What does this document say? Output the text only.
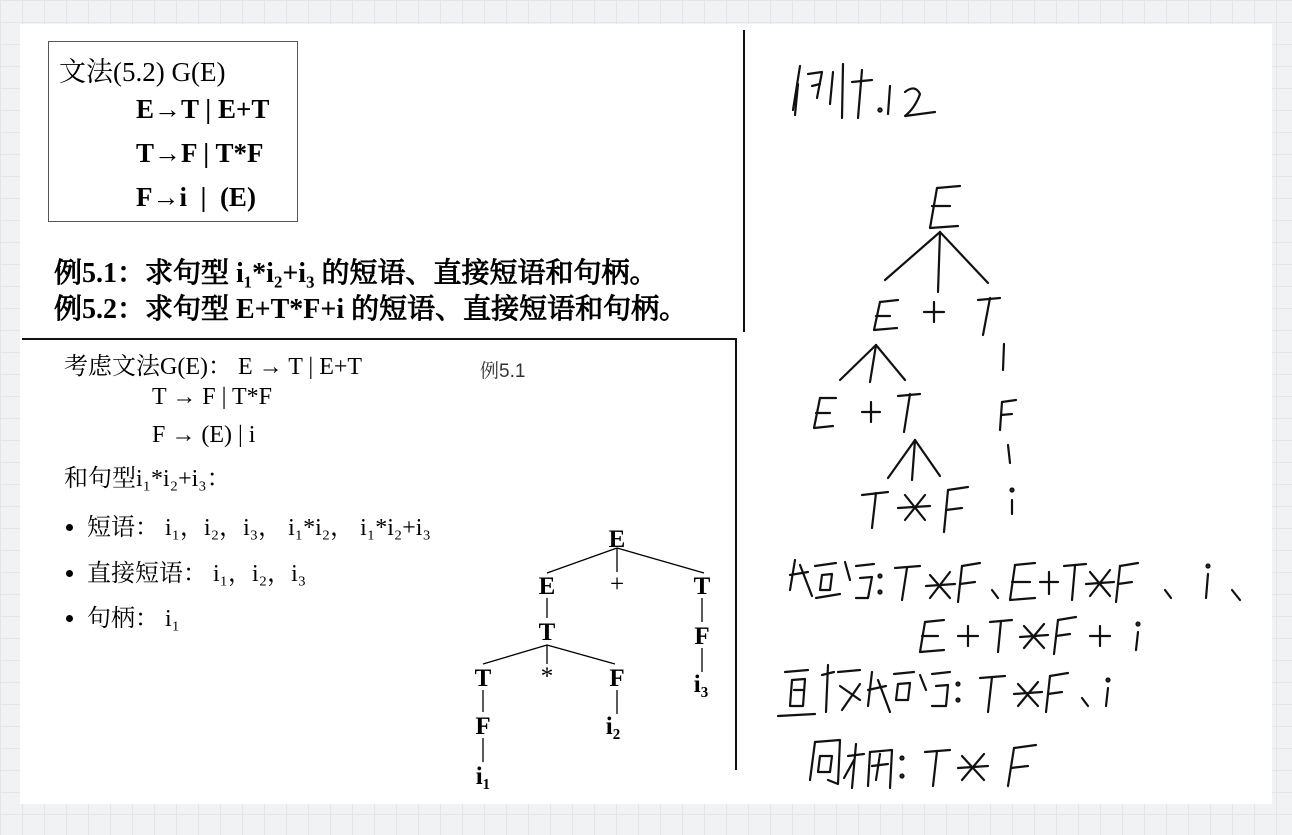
文法(5.2) G(E)
E→T | E+T
T→F | T*F
F→i  |  (E)
例5.1：求句型 i₁*i₂+i₃ 的短语、直接短语和句柄。
例5.2：求句型 E+T*F+i 的短语、直接短语和句柄。
考虑文法G(E)： E → T | E+T
T → F | T*F
F → (E) | i
和句型i₁*i₂+i₃：
例5.1
短语： i₁，i₂，i₃， i₁*i₂， i₁*i₂+i₃
直接短语： i₁，i₂，i₃
句柄： i₁
E
E +	T
T	F
T * F
F	i₂
i₃
i₁
